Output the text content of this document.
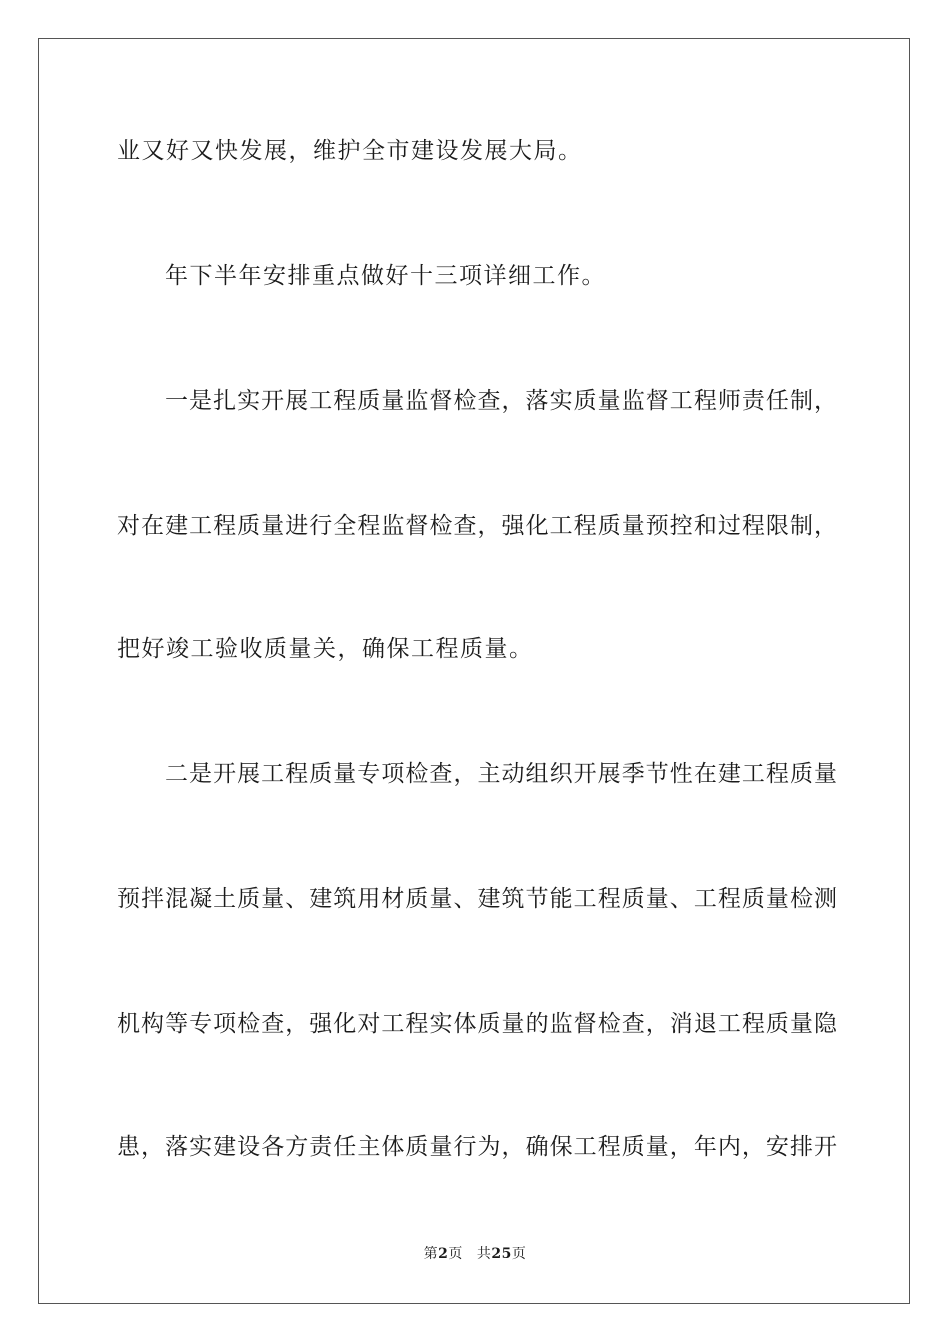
业又好又快发展，维护全市建设发展大局。
年下半年安排重点做好十三项详细工作。
一是扎实开展工程质量监督检查，落实质量监督工程师责任制，
对在建工程质量进行全程监督检查，强化工程质量预控和过程限制，
把好竣工验收质量关，确保工程质量。
二是开展工程质量专项检查，主动组织开展季节性在建工程质量
预拌混凝土质量、建筑用材质量、建筑节能工程质量、工程质量检测
机构等专项检查，强化对工程实体质量的监督检查，消退工程质量隐
患，落实建设各方责任主体质量行为，确保工程质量，年内，安排开
第2页 共25页
